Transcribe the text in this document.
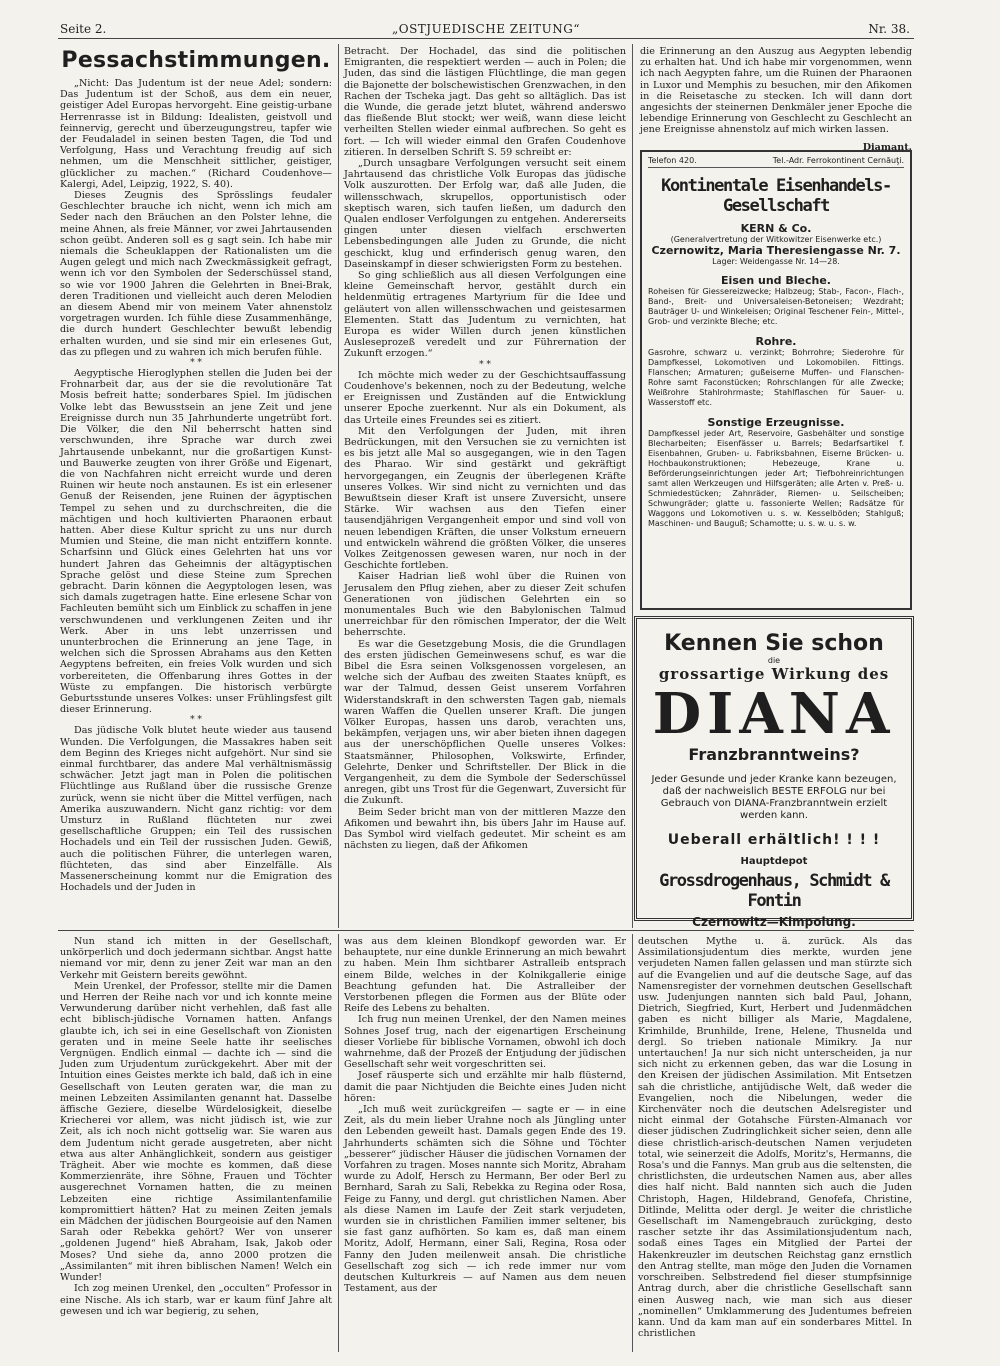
Seite 2.	„OSTJUEDISCHE ZEITUNG“	Nr. 38.
Pessachstimmungen.

„Nicht: Das Judentum ist der neue Adel; sondern: Das Judentum ist der Schoß, aus dem ein neuer, geistiger Adel Europas hervorgeht. Eine geistig-urbane Herrenrasse ist in Bildung: Idealisten, geistvoll und feinnervig, gerecht und überzeugungstreu, tapfer wie der Feudaladel in seinen besten Tagen, die Tod und Verfolgung, Hass und Verachtung freudig auf sich nehmen, um die Menschheit sittlicher, geistiger, glücklicher zu machen.“ (Richard Coudenhove—Kalergi, Adel, Leipzig, 1922, S. 40).

Dieses Zeugnis des Sprösslings feudaler Geschlechter brauche ich nicht, wenn ich mich am Seder nach den Bräuchen an den Polster lehne, die meine Ahnen, als freie Männer, vor zwei Jahrtausenden schon geübt. Anderen soll es g sagt sein. Ich habe mir niemals die Scheuklappen der Rationalisten um die Augen gelegt und mich nach Zweckmässigkeit gefragt, wenn ich vor den Symbolen der Sederschüssel stand, so wie vor 1900 Jahren die Gelehrten in Bnei-Brak, deren Traditionen und vielleicht auch deren Melodien an diesem Abend mir von meinem Vater ahnenstolz vorgetragen wurden. Ich fühle diese Zusammenhänge, die durch hundert Geschlechter bewußt lebendig erhalten wurden, und sie sind mir ein erlesenes Gut, das zu pflegen und zu wahren ich mich berufen fühle.

* *

Aegyptische Hieroglyphen stellen die Juden bei der Frohnarbeit dar, aus der sie die revolutionäre Tat Mosis befreit hatte; sonderbares Spiel. Im jüdischen Volke lebt das Bewusstsein an jene Zeit und jene Ereignisse durch nun 35 Jahrhunderte ungetrübt fort. Die Völker, die den Nil beherrscht hatten sind verschwunden, ihre Sprache war durch zwei Jahrtausende unbekannt, nur die großartigen Kunst- und Bauwerke zeugten von ihrer Größe und Eigenart, die von Nachfahren nicht erreicht wurde und deren Ruinen wir heute noch anstaunen. Es ist ein erlesener Genuß der Reisenden, jene Ruinen der ägyptischen Tempel zu sehen und zu durchschreiten, die die mächtigen und hoch kultivierten Pharaonen erbaut hatten. Aber diese Kultur spricht zu uns nur durch Mumien und Steine, die man nicht entziffern konnte. Scharfsinn und Glück eines Gelehrten hat uns vor hundert Jahren das Geheimnis der altägyptischen Sprache gelöst und diese Steine zum Sprechen gebracht. Darin können die Aegyptologen lesen, was sich damals zugetragen hatte. Eine erlesene Schar von Fachleuten bemüht sich um Einblick zu schaffen in jene verschwundenen und verklungenen Zeiten und ihr Werk. Aber in uns lebt unzerrissen und ununterbrochen die Erinnerung an jene Tage, in welchen sich die Sprossen Abrahams aus den Ketten Aegyptens befreiten, ein freies Volk wurden und sich vorbereiteten, die Offenbarung ihres Gottes in der Wüste zu empfangen. Die historisch verbürgte Geburtsstunde unseres Volkes: unser Frühlingsfest gilt dieser Erinnerung.

* *

Das jüdische Volk blutet heute wieder aus tausend Wunden. Die Verfolgungen, die Massakres haben seit dem Beginn des Krieges nicht aufgehört. Nur sind sie einmal furchtbarer, das andere Mal verhältnismässig schwächer. Jetzt jagt man in Polen die politischen Flüchtlinge aus Rußland über die russische Grenze zurück, wenn sie nicht über die Mittel verfügen, nach Amerika auszuwandern. Nicht ganz richtig: vor dem Umsturz in Rußland flüchteten nur zwei gesellschaftliche Gruppen; ein Teil des russischen Hochadels und ein Teil der russischen Juden. Gewiß, auch die politischen Führer, die unterlegen waren, flüchteten, das sind aber Einzelfälle. Als Massenerscheinung kommt nur die Emigration des Hochadels und der Juden in

Betracht. Der Hochadel, das sind die politischen Emigranten, die respektiert werden — auch in Polen; die Juden, das sind die lästigen Flüchtlinge, die man gegen die Bajonette der bolschewistischen Grenzwachen, in den Rachen der Tscheka jagt. Das geht so alltäglich. Das ist die Wunde, die gerade jetzt blutet, während anderswo das fließende Blut stockt; wer weiß, wann diese leicht verheilten Stellen wieder einmal aufbrechen. So geht es fort. — Ich will wieder einmal den Grafen Coudenhove zitieren. In derselben Schrift S. 59 schreibt er:

„Durch unsagbare Verfolgungen versucht seit einem Jahrtausend das christliche Volk Europas das jüdische Volk auszurotten. Der Erfolg war, daß alle Juden, die willensschwach, skrupellos, opportunistisch oder skeptisch waren, sich taufen ließen, um dadurch den Qualen endloser Verfolgungen zu entgehen. Andererseits gingen unter diesen vielfach erschwerten Lebensbedingungen alle Juden zu Grunde, die nicht geschickt, klug und erfinderisch genug waren, den Daseinskampf in dieser schwierigsten Form zu bestehen.

So ging schließlich aus all diesen Verfolgungen eine kleine Gemeinschaft hervor, gestählt durch ein heldenmütig ertragenes Martyrium für die Idee und geläutert von allen willensschwachen und geistesarmen Elementen. Statt das Judentum zu vernichten, hat Europa es wider Willen durch jenen künstlichen Ausleseprozeß veredelt und zur Führernation der Zukunft erzogen.“

* *

Ich möchte mich weder zu der Geschichtsauffassung Coudenhove's bekennen, noch zu der Bedeutung, welche er Ereignissen und Zuständen auf die Entwicklung unserer Epoche zuerkennt. Nur als ein Dokument, als das Urteile eines Freundes sei es zitiert.

Mit den Verfolgungen der Juden, mit ihren Bedrückungen, mit den Versuchen sie zu vernichten ist es bis jetzt alle Mal so ausgegangen, wie in den Tagen des Pharao. Wir sind gestärkt und gekräftigt hervorgegangen, ein Zeugnis der überlegenen Kräfte unseres Volkes. Wir sind nicht zu vernichten und das Bewußtsein dieser Kraft ist unsere Zuversicht, unsere Stärke. Wir wachsen aus den Tiefen einer tausendjährigen Vergangenheit empor und sind voll von neuen lebendigen Kräften, die unser Volkstum erneuern und entwickeln während die größten Völker, die unseres Volkes Zeitgenossen gewesen waren, nur noch in der Geschichte fortleben.

Kaiser Hadrian ließ wohl über die Ruinen von Jerusalem den Pflug ziehen, aber zu dieser Zeit schufen Generationen von jüdischen Gelehrten ein so monumentales Buch wie den Babylonischen Talmud unerreichbar für den römischen Imperator, der die Welt beherrschte.

Es war die Gesetzgebung Mosis, die die Grundlagen des ersten jüdischen Gemeinwesens schuf, es war die Bibel die Esra seinen Volksgenossen vorgelesen, an welche sich der Aufbau des zweiten Staates knüpft, es war der Talmud, dessen Geist unserem Vorfahren Widerstandskraft in den schwersten Tagen gab, niemals waren Waffen die Quellen unserer Kraft. Die jungen Völker Europas, hassen uns darob, verachten uns, bekämpfen, verjagen uns, wir aber bieten ihnen dagegen aus der unerschöpflichen Quelle unseres Volkes: Staatsmänner, Philosophen, Volkswirte, Erfinder, Gelehrte, Denker und Schriftsteller. Der Blick in die Vergangenheit, zu dem die Symbole der Sederschüssel anregen, gibt uns Trost für die Gegenwart, Zuversicht für die Zukunft.

Beim Seder bricht man von der mittleren Mazze den Afikomen und bewahrt ihn, bis übers Jahr im Hause auf. Das Symbol wird vielfach gedeutet. Mir scheint es am nächsten zu liegen, daß der Afikomen

die Erinnerung an den Auszug aus Aegypten lebendig zu erhalten hat. Und ich habe mir vorgenommen, wenn ich nach Aegypten fahre, um die Ruinen der Pharaonen in Luxor und Memphis zu besuchen, mir den Afikomen in die Reisetasche zu stecken. Ich will dann dort angesichts der steinernen Denkmäler jener Epoche die lebendige Erinnerung von Geschlecht zu Geschlecht an jene Ereignisse ahnenstolz auf mich wirken lassen.

Diamant.
Telefon 420.	Tel.-Adr. Ferrokontinent Cernăuţi.
Kontinentale Eisenhandels-Gesellschaft
KERN & Co.
(Generalvertretung der Witkowitzer Eisenwerke etc.)
Czernowitz, Maria Theresiengasse Nr. 7.
Lager: Weidengasse Nr. 14—28.
Eisen und Bleche.
Roheisen für Giessereizwecke; Halbzeug; Stab-, Facon-, Flach-, Band-, Breit- und Universaleisen-Betoneisen; Wezdraht; Bauträger U- und Winkeleisen; Original Teschener Fein-, Mittel-, Grob- und verzinkte Bleche; etc.
Rohre.
Gasrohre, schwarz u. verzinkt; Bohrrohre; Siederohre für Dampfkessel, Lokomotiven und Lokomobilen. Fittings. Flanschen; Armaturen; gußeiserne Muffen- und Flanschen-Rohre samt Faconstücken; Rohrschlangen für alle Zwecke; Weißrohre Stahlrohrmaste; Stahlflaschen für Sauer- u. Wasserstoff etc.
Sonstige Erzeugnisse.
Dampfkessel jeder Art, Reservoire, Gasbehälter und sonstige Blecharbeiten; Eisenfässer u. Barrels; Bedarfsartikel f. Eisenbahnen, Gruben- u. Fabriksbahnen, Eiserne Brücken- u. Hochbaukonstruktionen; Hebezeuge, Krane u. Beförderungseinrichtungen jeder Art; Tiefbohreinrichtungen samt allen Werkzeugen und Hilfsgeräten; alle Arten v. Preß- u. Schmiedestücken; Zahnräder, Riemen- u. Seilscheiben; Schwungräder; glatte u. fassonierte Wellen; Radsätze für Waggons und Lokomotiven u. s. w. Kesselböden; Stahlguß; Maschinen- und Bauguß; Schamotte; u. s. w. u. s. w.
Kennen Sie schon
die
grossartige Wirkung des
DIANA
Franzbranntweins?
Jeder Gesunde und jeder Kranke kann bezeugen, daß der nachweislich BESTE ERFOLG nur bei Gebrauch von DIANA-Franzbranntwein erzielt werden kann.
Ueberall erhältlich! ! ! !
Hauptdepot
Grossdrogenhaus, Schmidt & Fontin
Czernowitz—Kimpolung.

Nun stand ich mitten in der Gesellschaft, unkörperlich und doch jedermann sichtbar. Angst hatte niemand vor mir, denn zu jener Zeit war man an den Verkehr mit Geistern bereits gewöhnt.

Mein Urenkel, der Professor, stellte mir die Damen und Herren der Reihe nach vor und ich konnte meine Verwunderung darüber nicht verhehlen, daß fast alle echt biblisch-jüdische Vornamen hatten. Anfangs glaubte ich, ich sei in eine Gesellschaft von Zionisten geraten und in meine Seele hatte ihr seelisches Vergnügen. Endlich einmal — dachte ich — sind die Juden zum Urjudentum zurückgekehrt. Aber mit der Intuition eines Geistes merkte ich bald, daß ich in eine Gesellschaft von Leuten geraten war, die man zu meinen Lebzeiten Assimilanten genannt hat. Dasselbe äffische Gezierе, dieselbe Würdelosigkeit, dieselbe Kriecherei vor allem, was nicht jüdisch ist, wie zur Zeit, als ich noch nicht gottselig war. Sie waren aus dem Judentum nicht gerade ausgetreten, aber nicht etwa aus alter Anhänglichkeit, sondern aus geistiger Trägheit. Aber wie mochte es kommen, daß diese Kommerzienräte, ihre Söhne, Frauen und Töchter ausgerechnet Vornamen hatten, die zu meinen Lebzeiten eine richtige Assimilantenfamilie kompromittiert hätten? Hat zu meinen Zeiten jemals ein Mädchen der jüdischen Bourgeoisie auf den Namen Sarah oder Rebekka gehört? Wer von unserer „goldenen Jugend“ hieß Abraham, Isak, Jakob oder Moses? Und siehe da, anno 2000 protzen die „Assimilanten“ mit ihren biblischen Namen! Welch ein Wunder!

Ich zog meinen Urenkel, den „occulten“ Professor in eine Nische. Als ich starb, war er kaum fünf Jahre alt gewesen und ich war begierig, zu sehen,

was aus dem kleinen Blondkopf geworden war. Er behauptete, nur eine dunkle Erinnerung an mich bewahrt zu haben. Mein Ihm sichtbarer Astralleib entsprach einem Bilde, welches in der Kolnikgallerie einige Beachtung gefunden hat. Die Astralleiber der Verstorbenen pflegen die Formen aus der Blüte oder Reife des Lebens zu behalten.

Ich frug nun meinen Urenkel, der den Namen meines Sohnes Josef trug, nach der eigenartigen Erscheinung dieser Vorliebe für biblische Vornamen, obwohl ich doch wahrnehme, daß der Prozeß der Entjudung der jüdischen Gesellschaft sehr weit vorgeschritten sei.

Josef räusperte sich und erzählte mir halb flüsternd, damit die paar Nichtjuden die Beichte eines Juden nicht hören:

„Ich muß weit zurückgreifen — sagte er — in eine Zeit, als du mein lieber Urahne noch als Jüngling unter den Lebenden geweilt hast. Damals gegen Ende des 19. Jahrhunderts schämten sich die Söhne und Töchter „besserer“ jüdischer Häuser die jüdischen Vornamen der Vorfahren zu tragen. Moses nannte sich Moritz, Abraham wurde zu Adolf, Hersch zu Hermann, Ber oder Berl zu Bernhard, Sarah zu Sali, Rebekka zu Regina oder Rosa, Feige zu Fanny, und dergl. gut christlichen Namen. Aber als diese Namen im Laufe der Zeit stark verjudeten, wurden sie in christlichen Familien immer seltener, bis sie fast ganz aufhörten. So kam es, daß man einem Moritz, Adolf, Hermann, einer Sali, Regina, Rosa oder Fanny den Juden meilenweit ansah. Die christliche Gesellschaft zog sich — ich rede immer nur vom deutschen Kulturkreis — auf Namen aus dem neuen Testament, aus der

deutschen Mythe u. ä. zurück. Als das Assimilationsjudentum dies merkte, wurden jene verjudeten Namen fallen gelassen und man stürzte sich auf die Evangelien und auf die deutsche Sage, auf das Namensregister der vornehmen deutschen Gesellschaft usw. Judenjungen nannten sich bald Paul, Johann, Dietrich, Siegfried, Kurt, Herbert und Judenmädchen gaben es nicht billiger als Marie, Magdalene, Krimhilde, Brunhilde, Irene, Helene, Thusnelda und dergl. So trieben nationale Mimikry. Ja nur untertauchen! Ja nur sich nicht unterscheiden, ja nur sich nicht zu erkennen geben, das war die Losung in den Kreisen der jüdischen Assimilation. Mit Entsetzen sah die christliche, antijüdische Welt, daß weder die Evangelien, noch die Nibelungen, weder die Kirchenväter noch die deutschen Adelsregister und nicht einmal der Gotahsche Fürsten-Almanach vor dieser jüdischen Zudringlichkeit sicher seien, denn alle diese christlich-arisch-deutschen Namen verjudeten total, wie seinerzeit die Adolfs, Moritz's, Hermanns, die Rosa's und die Fannys. Man grub aus die seltensten, die christlichsten, die urdeutschen Namen aus, aber alles dies half nicht. Bald nannten sich auch die Juden Christoph, Hagen, Hildebrand, Genofefa, Christine, Ditlinde, Melitta oder dergl. Je weiter die christliche Gesellschaft im Namengebrauch zurückging, desto rascher setzte ihr das Assimilationsjudentum nach, sodaß eines Tages ein Mitglied der Partei der Hakenkreuzler im deutschen Reichstag ganz ernstlich den Antrag stellte, man möge den Juden die Vornamen vorschreiben. Selbstredend fiel dieser stumpfsinnige Antrag durch, aber die christliche Gesellschaft sann einen Ausweg nach, wie man sich aus dieser „nominellen“ Umklammerung des Judentumes befreien kann. Und da kam man auf ein sonderbares Mittel. In christlichen
